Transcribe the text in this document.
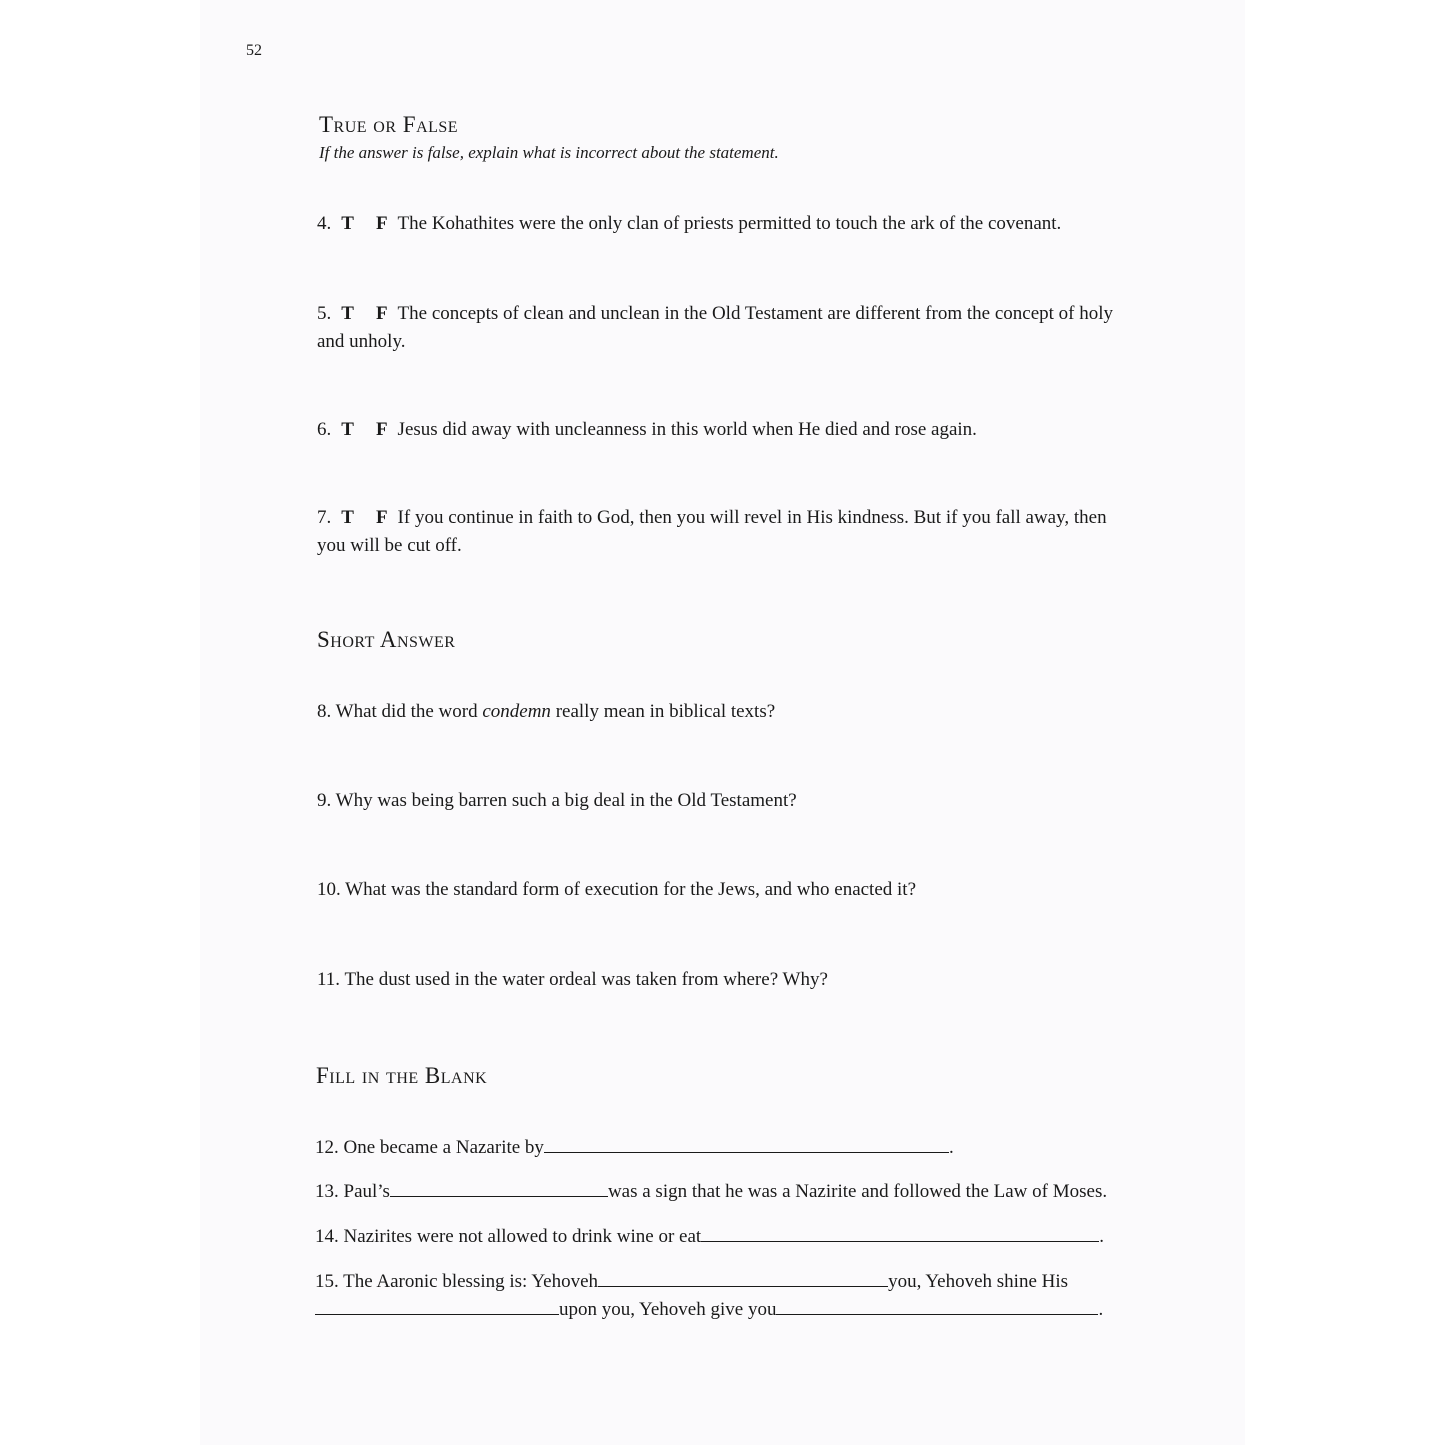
52
True or False
If the answer is false, explain what is incorrect about the statement.
4. T F The Kohathites were the only clan of priests permitted to touch the ark of the covenant.
5. T F The concepts of clean and unclean in the Old Testament are different from the concept of holy and unholy.
6. T F Jesus did away with uncleanness in this world when He died and rose again.
7. T F If you continue in faith to God, then you will revel in His kindness. But if you fall away, then you will be cut off.
Short Answer
8. What did the word condemn really mean in biblical texts?
9. Why was being barren such a big deal in the Old Testament?
10. What was the standard form of execution for the Jews, and who enacted it?
11. The dust used in the water ordeal was taken from where? Why?
Fill in the Blank
12. One became a Nazarite by	.
13. Paul’s	was a sign that he was a Nazirite and followed the Law of Moses.
14. Nazirites were not allowed to drink wine or eat	.
15. The Aaronic blessing is: Yehoveh	you, Yehoveh shine His
upon you, Yehoveh give you	.
